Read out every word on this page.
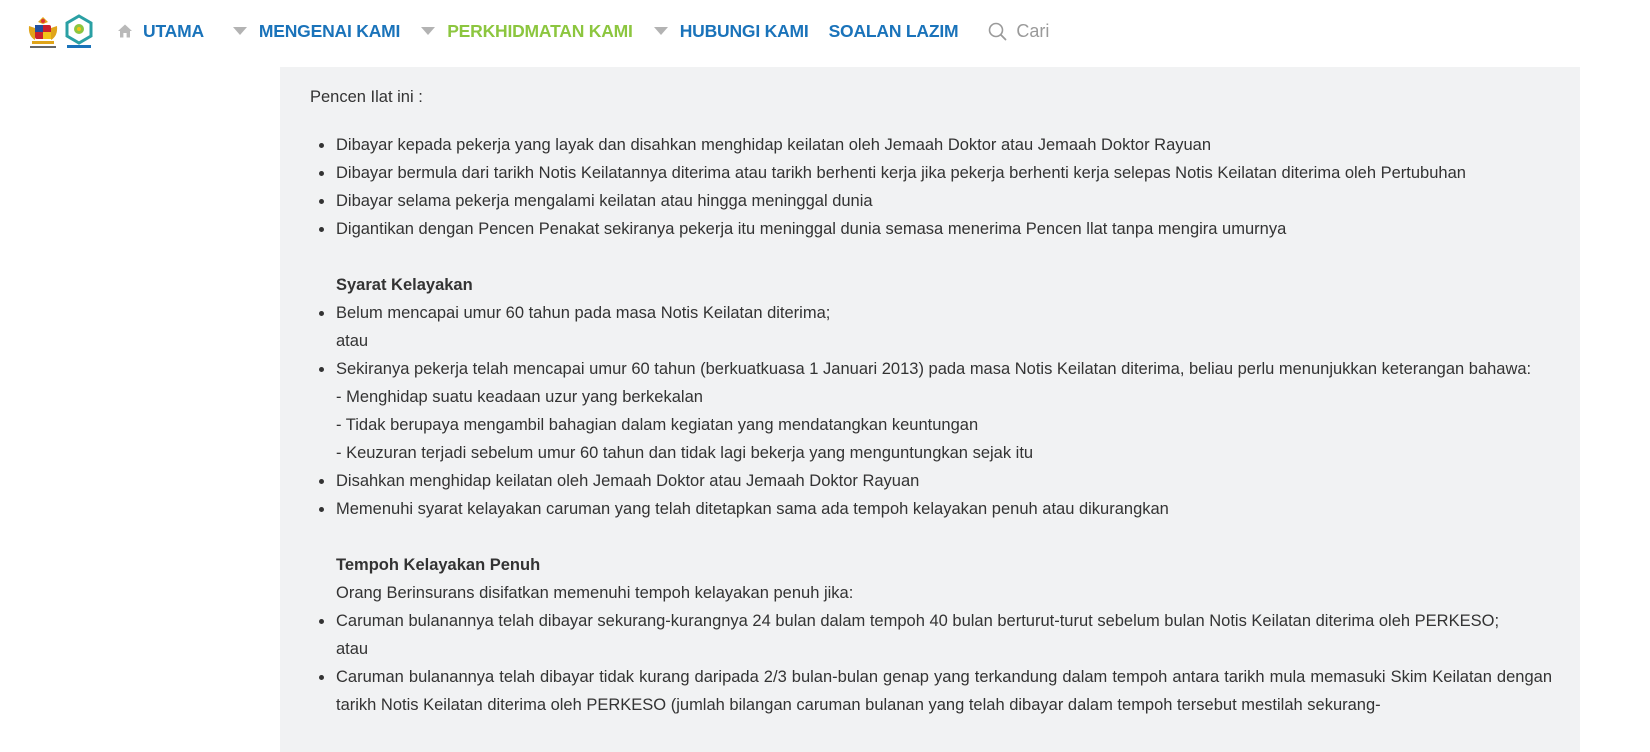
UTAMA	MENGENAI KAMI	PERKHIDMATAN KAMI	HUBUNGI KAMI SOALAN LAZIM
Cari

Pencen Ilat ini :

Dibayar kepada pekerja yang layak dan disahkan menghidap keilatan oleh Jemaah Doktor atau Jemaah Doktor Rayuan
Dibayar bermula dari tarikh Notis Keilatannya diterima atau tarikh berhenti kerja jika pekerja berhenti kerja selepas Notis Keilatan diterima oleh Pertubuhan
Dibayar selama pekerja mengalami keilatan atau hingga meninggal dunia
Digantikan dengan Pencen Penakat sekiranya pekerja itu meninggal dunia semasa menerima Pencen llat tanpa mengira umurnya
Syarat Kelayakan
Belum mencapai umur 60 tahun pada masa Notis Keilatan diterima;
atau
Sekiranya pekerja telah mencapai umur 60 tahun (berkuatkuasa 1 Januari 2013) pada masa Notis Keilatan diterima, beliau perlu menunjukkan keterangan bahawa:
- Menghidap suatu keadaan uzur yang berkekalan
- Tidak berupaya mengambil bahagian dalam kegiatan yang mendatangkan keuntungan
- Keuzuran terjadi sebelum umur 60 tahun dan tidak lagi bekerja yang menguntungkan sejak itu
Disahkan menghidap keilatan oleh Jemaah Doktor atau Jemaah Doktor Rayuan
Memenuhi syarat kelayakan caruman yang telah ditetapkan sama ada tempoh kelayakan penuh atau dikurangkan
Tempoh Kelayakan Penuh
Orang Berinsurans disifatkan memenuhi tempoh kelayakan penuh jika:
Caruman bulanannya telah dibayar sekurang-kurangnya 24 bulan dalam tempoh 40 bulan berturut-turut sebelum bulan Notis Keilatan diterima oleh PERKESO;
atau
Caruman bulanannya telah dibayar tidak kurang daripada 2/3 bulan-bulan genap yang terkandung dalam tempoh antara tarikh mula memasuki Skim Keilatan dengan tarikh Notis Keilatan diterima oleh PERKESO (jumlah bilangan caruman bulanan yang telah dibayar dalam tempoh tersebut mestilah sekurang-
